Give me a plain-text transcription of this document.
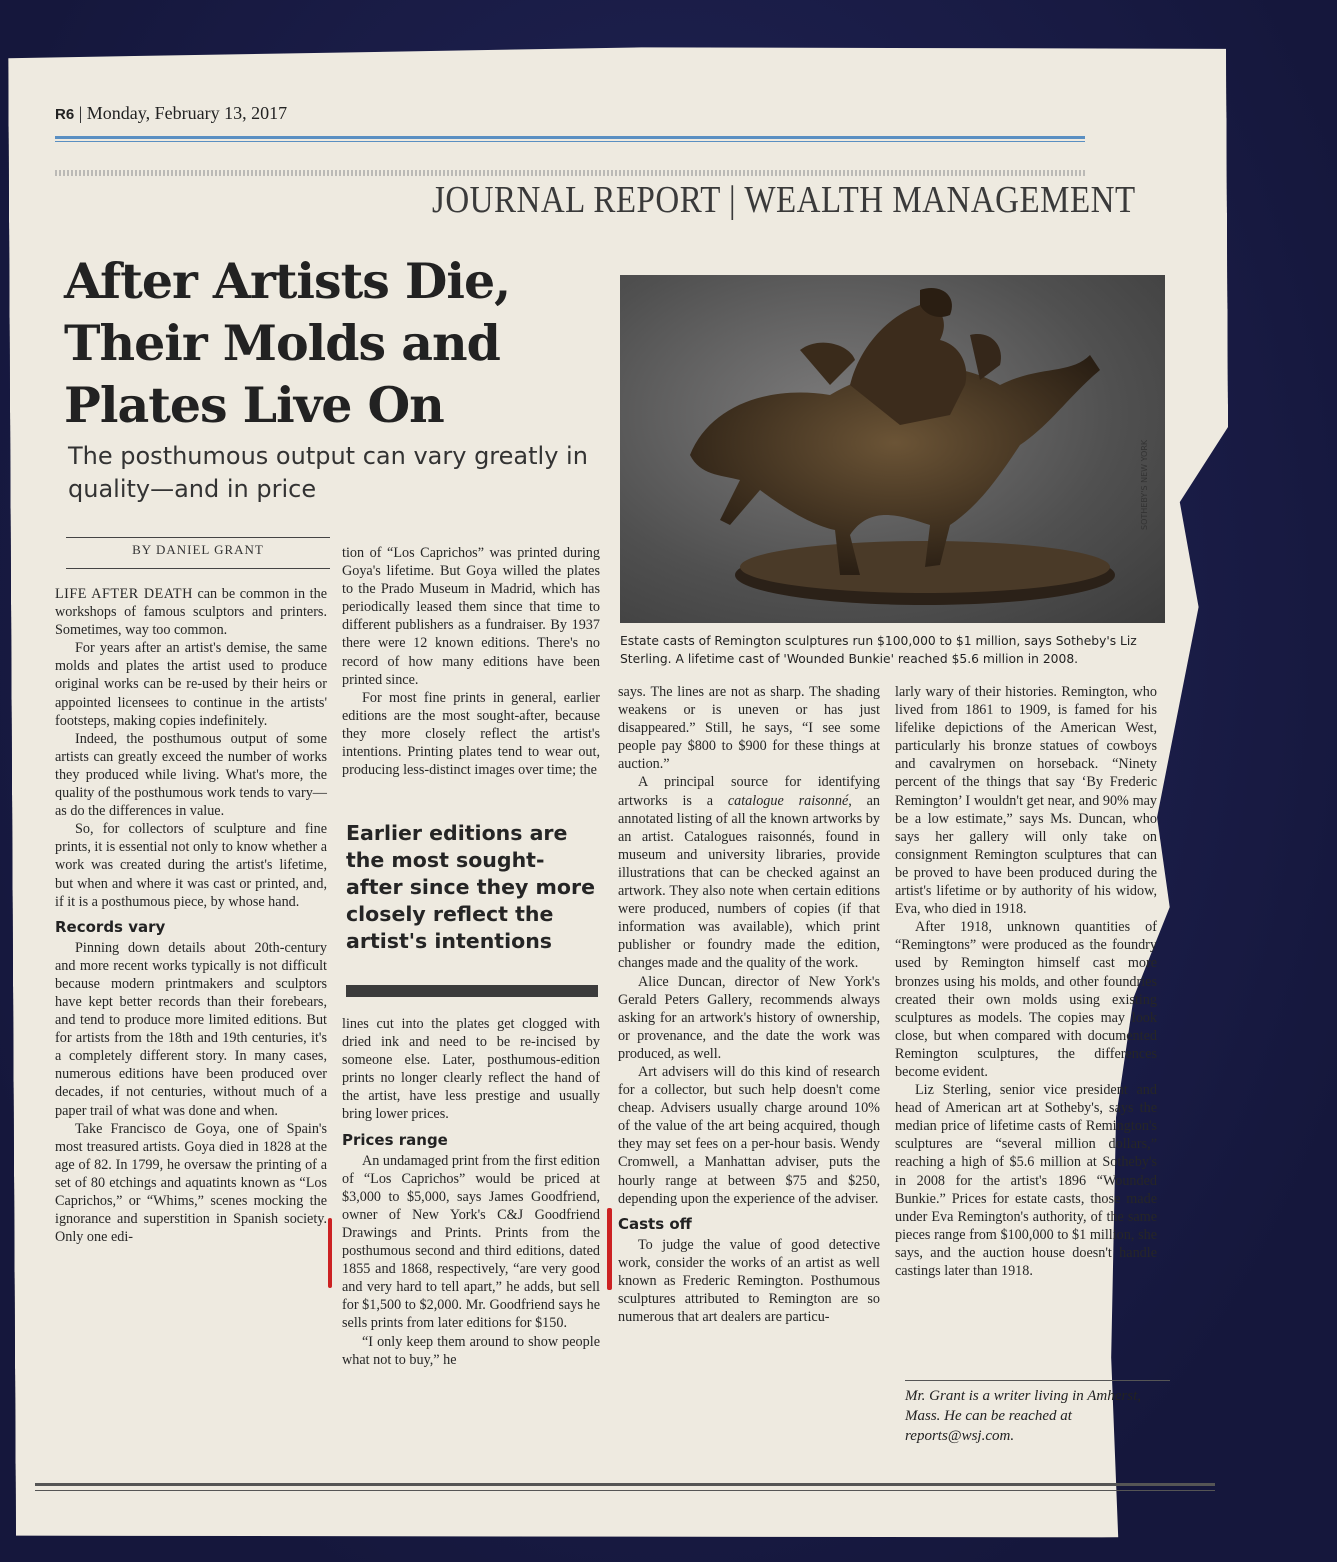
R6 | Monday, February 13, 2017
JOURNAL REPORT | WEALTH MANAGEMENT
After Artists Die, Their Molds and Plates Live On
The posthumous output can vary greatly in quality—and in price
BY DANIEL GRANT

LIFE AFTER DEATH can be common in the workshops of famous sculptors and printers. Sometimes, way too common.

For years after an artist's demise, the same molds and plates the artist used to produce original works can be re-used by their heirs or appointed licensees to continue in the artists' footsteps, making copies indefinitely.

Indeed, the posthumous output of some artists can greatly exceed the number of works they produced while living. What's more, the quality of the posthumous work tends to vary—as do the differences in value.

So, for collectors of sculpture and fine prints, it is essential not only to know whether a work was created during the artist's lifetime, but when and where it was cast or printed, and, if it is a posthumous piece, by whose hand.

Records vary

Pinning down details about 20th-century and more recent works typically is not difficult because modern printmakers and sculptors have kept better records than their forebears, and tend to produce more limited editions. But for artists from the 18th and 19th centuries, it's a completely different story. In many cases, numerous editions have been produced over decades, if not centuries, without much of a paper trail of what was done and when.

Take Francisco de Goya, one of Spain's most treasured artists. Goya died in 1828 at the age of 82. In 1799, he oversaw the printing of a set of 80 etchings and aquatints known as “Los Caprichos,” or “Whims,” scenes mocking the ignorance and superstition in Spanish society. Only one edi-

tion of “Los Caprichos” was printed during Goya's lifetime. But Goya willed the plates to the Prado Museum in Madrid, which has periodically leased them since that time to different publishers as a fundraiser. By 1937 there were 12 known editions. There's no record of how many editions have been printed since.

For most fine prints in general, earlier editions are the most sought-after, because they more closely reflect the artist's intentions. Printing plates tend to wear out, producing less-distinct images over time; the

Earlier editions are the most sought-after since they more closely reflect the artist's intentions

lines cut into the plates get clogged with dried ink and need to be re-incised by someone else. Later, posthumous-edition prints no longer clearly reflect the hand of the artist, have less prestige and usually bring lower prices.

Prices range

An undamaged print from the first edition of “Los Caprichos” would be priced at $3,000 to $5,000, says James Goodfriend, owner of New York's C&J Goodfriend Drawings and Prints. Prints from the posthumous second and third editions, dated 1855 and 1868, respectively, “are very good and very hard to tell apart,” he adds, but sell for $1,500 to $2,000. Mr. Goodfriend says he sells prints from later editions for $150.

“I only keep them around to show people what not to buy,” he

SOTHEBY'S NEW YORK
Estate casts of Remington sculptures run $100,000 to $1 million, says Sotheby's Liz Sterling. A lifetime cast of 'Wounded Bunkie' reached $5.6 million in 2008.

says. The lines are not as sharp. The shading weakens or is uneven or has just disappeared.” Still, he says, “I see some people pay $800 to $900 for these things at auction.”

A principal source for identifying artworks is a catalogue raisonné, an annotated listing of all the known artworks by an artist. Catalogues raisonnés, found in museum and university libraries, provide illustrations that can be checked against an artwork. They also note when certain editions were produced, numbers of copies (if that information was available), which print publisher or foundry made the edition, changes made and the quality of the work.

Alice Duncan, director of New York's Gerald Peters Gallery, recommends always asking for an artwork's history of ownership, or provenance, and the date the work was produced, as well.

Art advisers will do this kind of research for a collector, but such help doesn't come cheap. Advisers usually charge around 10% of the value of the art being acquired, though they may set fees on a per-hour basis. Wendy Cromwell, a Manhattan adviser, puts the hourly range at between $75 and $250, depending upon the experience of the adviser.

Casts off

To judge the value of good detective work, consider the works of an artist as well known as Frederic Remington. Posthumous sculptures attributed to Remington are so numerous that art dealers are particu-

larly wary of their histories. Remington, who lived from 1861 to 1909, is famed for his lifelike depictions of the American West, particularly his bronze statues of cowboys and cavalrymen on horseback. “Ninety percent of the things that say ‘By Frederic Remington’ I wouldn't get near, and 90% may be a low estimate,” says Ms. Duncan, who says her gallery will only take on consignment Remington sculptures that can be proved to have been produced during the artist's lifetime or by authority of his widow, Eva, who died in 1918.

After 1918, unknown quantities of “Remingtons” were produced as the foundry used by Remington himself cast more bronzes using his molds, and other foundries created their own molds using existing sculptures as models. The copies may look close, but when compared with documented Remington sculptures, the differences become evident.

Liz Sterling, senior vice president and head of American art at Sotheby's, says the median price of lifetime casts of Remington's sculptures are “several million dollars,” reaching a high of $5.6 million at Sotheby's in 2008 for the artist's 1896 “Wounded Bunkie.” Prices for estate casts, those made under Eva Remington's authority, of the same pieces range from $100,000 to $1 million, she says, and the auction house doesn't handle castings later than 1918.

Mr. Grant is a writer living in Amherst, Mass. He can be reached at reports@wsj.com.
